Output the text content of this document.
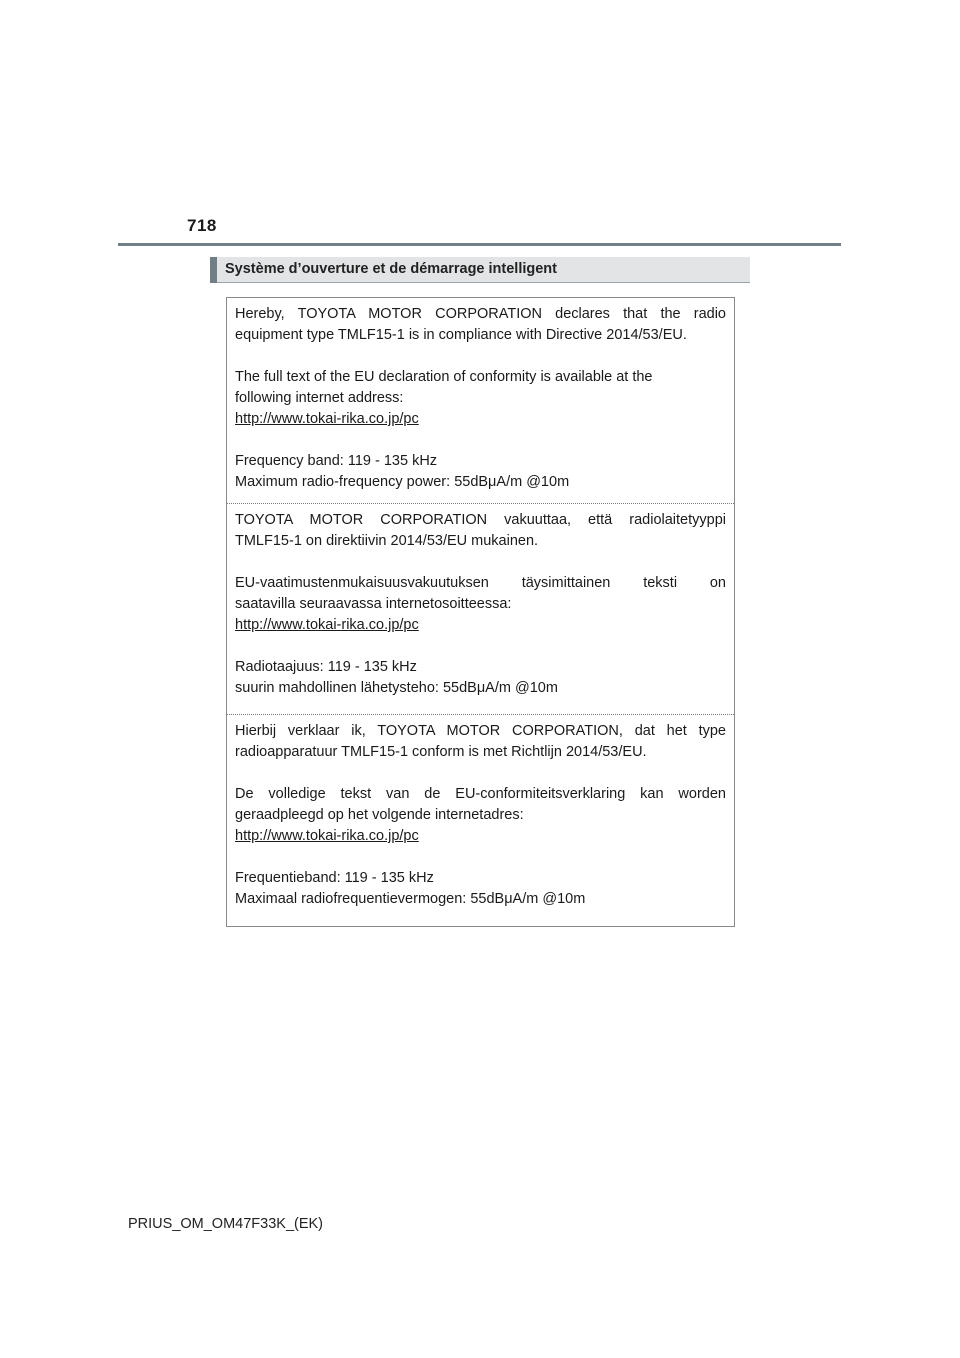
718
Système d’ouverture et de démarrage intelligent
Hereby, TOYOTA MOTOR CORPORATION declares that the radio
equipment type TMLF15-1 is in compliance with Directive 2014/53/EU.
The full text of the EU declaration of conformity is available at the
following internet address:
http://www.tokai-rika.co.jp/pc
Frequency band: 119 - 135 kHz
Maximum radio-frequency power: 55dBμA/m @10m
TOYOTA MOTOR CORPORATION vakuuttaa, että radiolaitetyyppi
TMLF15-1 on direktiivin 2014/53/EU mukainen.
EU-vaatimustenmukaisuusvakuutuksen täysimittainen teksti on
saatavilla seuraavassa internetosoitteessa:
http://www.tokai-rika.co.jp/pc
Radiotaajuus: 119 - 135 kHz
suurin mahdollinen lähetysteho: 55dBμA/m @10m
Hierbij verklaar ik, TOYOTA MOTOR CORPORATION, dat het type
radioapparatuur TMLF15-1 conform is met Richtlijn 2014/53/EU.
De volledige tekst van de EU-conformiteitsverklaring kan worden
geraadpleegd op het volgende internetadres:
http://www.tokai-rika.co.jp/pc
Frequentieband: 119 - 135 kHz
Maximaal radiofrequentievermogen: 55dBμA/m @10m
PRIUS_OM_OM47F33K_(EK)
